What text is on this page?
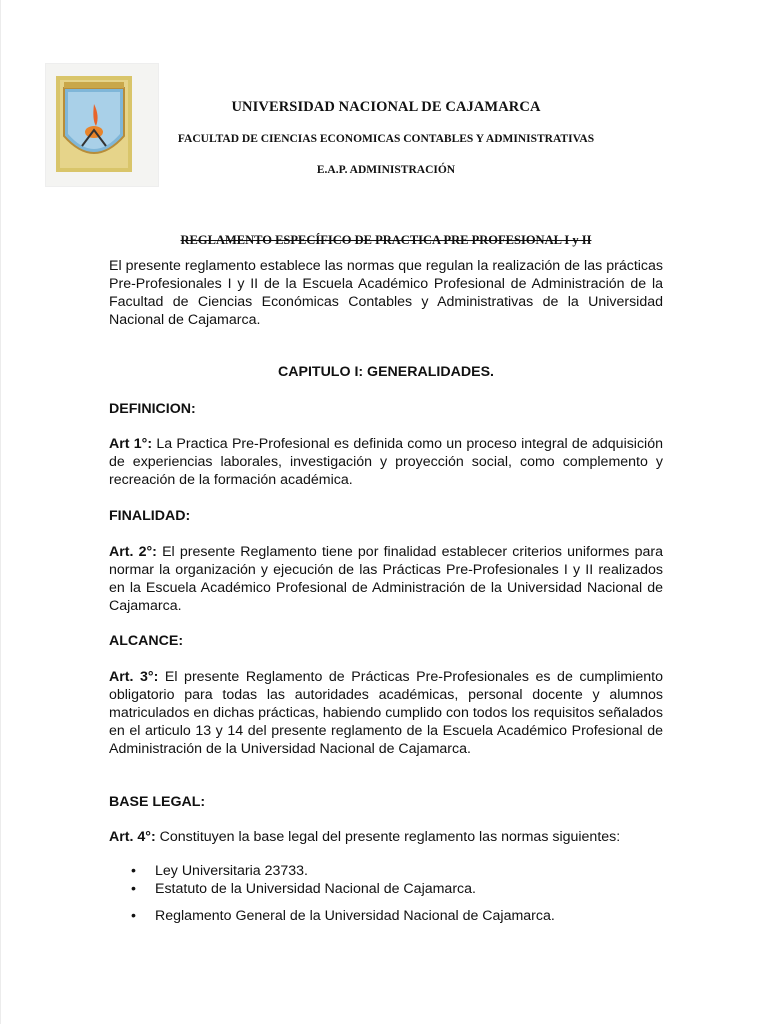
UNIVERSIDAD NACIONAL DE CAJAMARCA
FACULTAD DE CIENCIAS ECONOMICAS CONTABLES Y ADMINISTRATIVAS
E.A.P. ADMINISTRACIÓN
REGLAMENTO ESPECÍFICO DE PRACTICA PRE PROFESIONAL I y II
El presente reglamento establece las normas que regulan la realización de las prácticas Pre-Profesionales I y II de la Escuela Académico Profesional de Administración de la Facultad de Ciencias Económicas Contables y Administrativas de la Universidad Nacional de Cajamarca.
CAPITULO I: GENERALIDADES.
DEFINICION:
Art 1°: La Practica Pre-Profesional es definida como un proceso integral de adquisición de experiencias laborales, investigación y proyección social, como complemento y recreación de la formación académica.
FINALIDAD:
Art. 2°: El presente Reglamento tiene por finalidad establecer criterios uniformes para normar la organización y ejecución de las Prácticas Pre-Profesionales I y II realizados en la Escuela Académico Profesional de Administración de la Universidad Nacional de Cajamarca.
ALCANCE:
Art. 3°: El presente Reglamento de Prácticas Pre-Profesionales es de cumplimiento obligatorio para todas las autoridades académicas, personal docente y alumnos matriculados en dichas prácticas, habiendo cumplido con todos los requisitos señalados en el articulo 13 y 14 del presente reglamento de la Escuela Académico Profesional de Administración de la Universidad Nacional de Cajamarca.
BASE LEGAL:
Art. 4°: Constituyen la base legal del presente reglamento las normas siguientes:
• Ley Universitaria 23733.
• Estatuto de la Universidad Nacional de Cajamarca.
• Reglamento General de la Universidad Nacional de Cajamarca.
